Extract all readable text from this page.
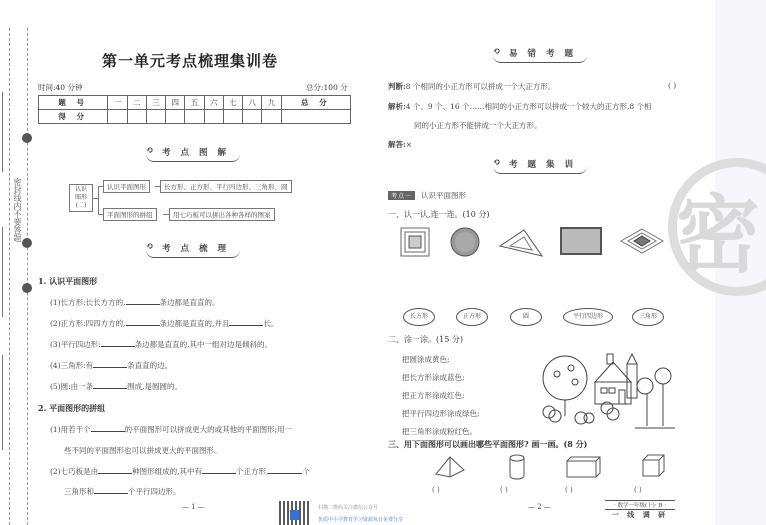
密封线内不要答题
第一单元考点梳理集训卷
时间:40 分钟	总分:100 分
题 号	一	二	三	四	五	六	七	八	九	总 分
得 分										
⟲ 考点图解
认识图形(二)
认识平面图形	长方形、正方形、平行四边形、三角形、圆
平面图形的拼组	用七巧板可以拼出各种各样的图案
⟲ 考点梳理
1. 认识平面图形
(1)长方形:长长方方的,	条边都是直直的。
(2)正方形:四四方方的,	条边都是直直的,并且	长。
(3)平行四边形:	条边都是直直的,其中一组对边是倾斜的。
(4)三角形:有	条直直的边。
(5)圆:由一条	围成,是圆圆的。
2. 平面图形的拼组
(1)用若干个	的平面图形可以拼成更大的或其他的平面图形;用一
些不同的平面图形也可以拼成更大的平面图形。
(2)七巧板是由	种图形组成的,其中有	个正方形,	个
三角形和	个平行四边形。
— 1 —	扫描二维码关注微信公众号
优质中小学教育学习资源每日免费分享
密
⟲ 易错考题
判断:8 个相同的小正方形可以拼成一个大正方形。	( )
解析:4 个、9 个、16 个……相同的小正方形可以拼成一个较大的正方形,8 个相
同的小正方形不能拼成一个大正方形。
解答:×
⟲ 考题集训
考点一 认识平面图形
一、认一认,连一连。(10 分)
长方形	正方形	圆	平行四边形	三角形
二、涂一涂。(15 分)
把圆涂成黄色;
把长方形涂成蓝色;
把正方形涂成红色;
把平行四边形涂成绿色;
把三角形涂成粉红色。
三、用下面图形可以画出哪些平面图形? 画一画。(8 分)
( )	( )	( )	( )
— 2 —	· 数学一年级(下)· R ·
一 线 调 研
